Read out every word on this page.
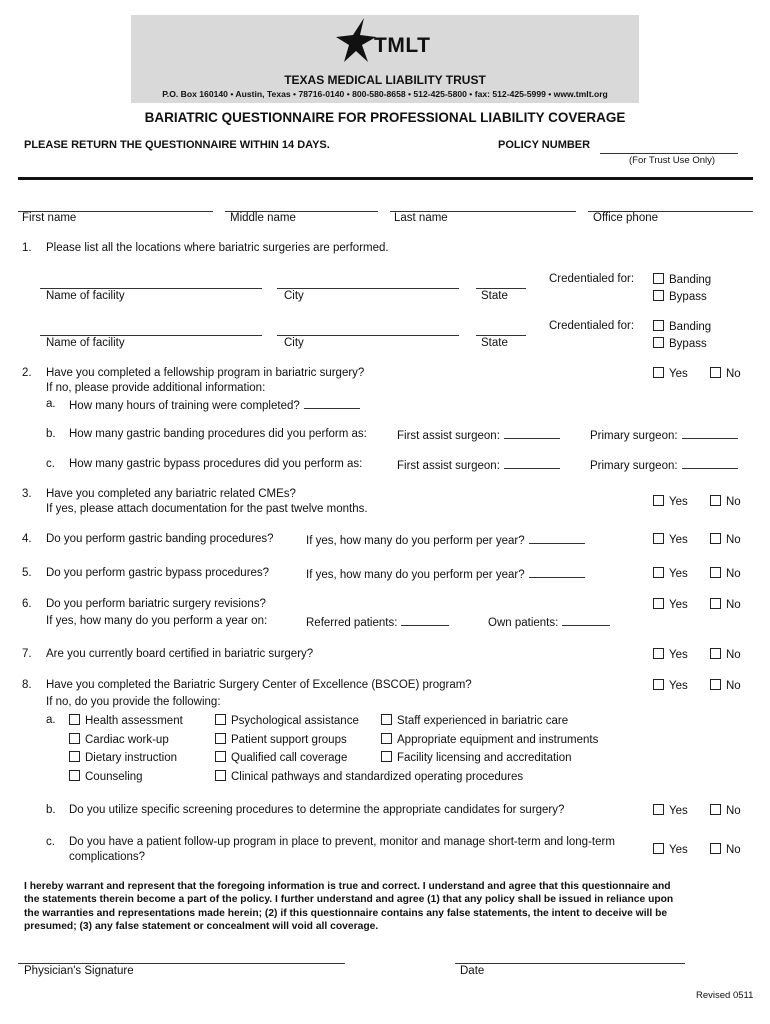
TMLT
TEXAS MEDICAL LIABILITY TRUST
P.O. Box 160140 • Austin, Texas • 78716-0140 • 800-580-8658 • 512-425-5800 • fax: 512-425-5999 • www.tmlt.org
BARIATRIC QUESTIONNAIRE FOR PROFESSIONAL LIABILITY COVERAGE
PLEASE RETURN THE QUESTIONNAIRE WITHIN 14 DAYS.	POLICY NUMBER
(For Trust Use Only)
First name	Middle name	Last name	Office phone
1. Please list all the locations where bariatric surgeries are performed.
Name of facility	City	State
Credentialed for:	Banding
Bypass
Name of facility	City	State
Credentialed for:	Banding
Bypass
2. Have you completed a fellowship program in bariatric surgery?
If no, please provide additional information:
a. How many hours of training were completed?
Yes	No
b. How many gastric banding procedures did you perform as:	First assist surgeon:	Primary surgeon:
c. How many gastric bypass procedures did you perform as:	First assist surgeon:	Primary surgeon:
3. Have you completed any bariatric related CMEs?
If yes, please attach documentation for the past twelve months.
Yes	No
4. Do you perform gastric banding procedures?	If yes, how many do you perform per year?	Yes	No
5. Do you perform gastric bypass procedures?	If yes, how many do you perform per year?	Yes	No
6. Do you perform bariatric surgery revisions?
If yes, how many do you perform a year on:	Referred patients:	Own patients:
Yes	No
7. Are you currently board certified in bariatric surgery?	Yes	No
8. Have you completed the Bariatric Surgery Center of Excellence (BSCOE) program?
If no, do you provide the following:
Yes	No
a.	Health assessment	Psychological assistance	Staff experienced in bariatric care
Cardiac work-up	Patient support groups	Appropriate equipment and instruments
Dietary instruction	Qualified call coverage	Facility licensing and accreditation
Counseling	Clinical pathways and standardized operating procedures
b. Do you utilize specific screening procedures to determine the appropriate candidates for surgery?	Yes	No
c. Do you have a patient follow-up program in place to prevent, monitor and manage short-term and long-term
complications?
Yes	No
I hereby warrant and represent that the foregoing information is true and correct. I understand and agree that this questionnaire and
the statements therein become a part of the policy. I further understand and agree (1) that any policy shall be issued in reliance upon
the warranties and representations made herein; (2) if this questionnaire contains any false statements, the intent to deceive will be
presumed; (3) any false statement or concealment will void all coverage.
Physician's Signature	Date
Revised 0511
